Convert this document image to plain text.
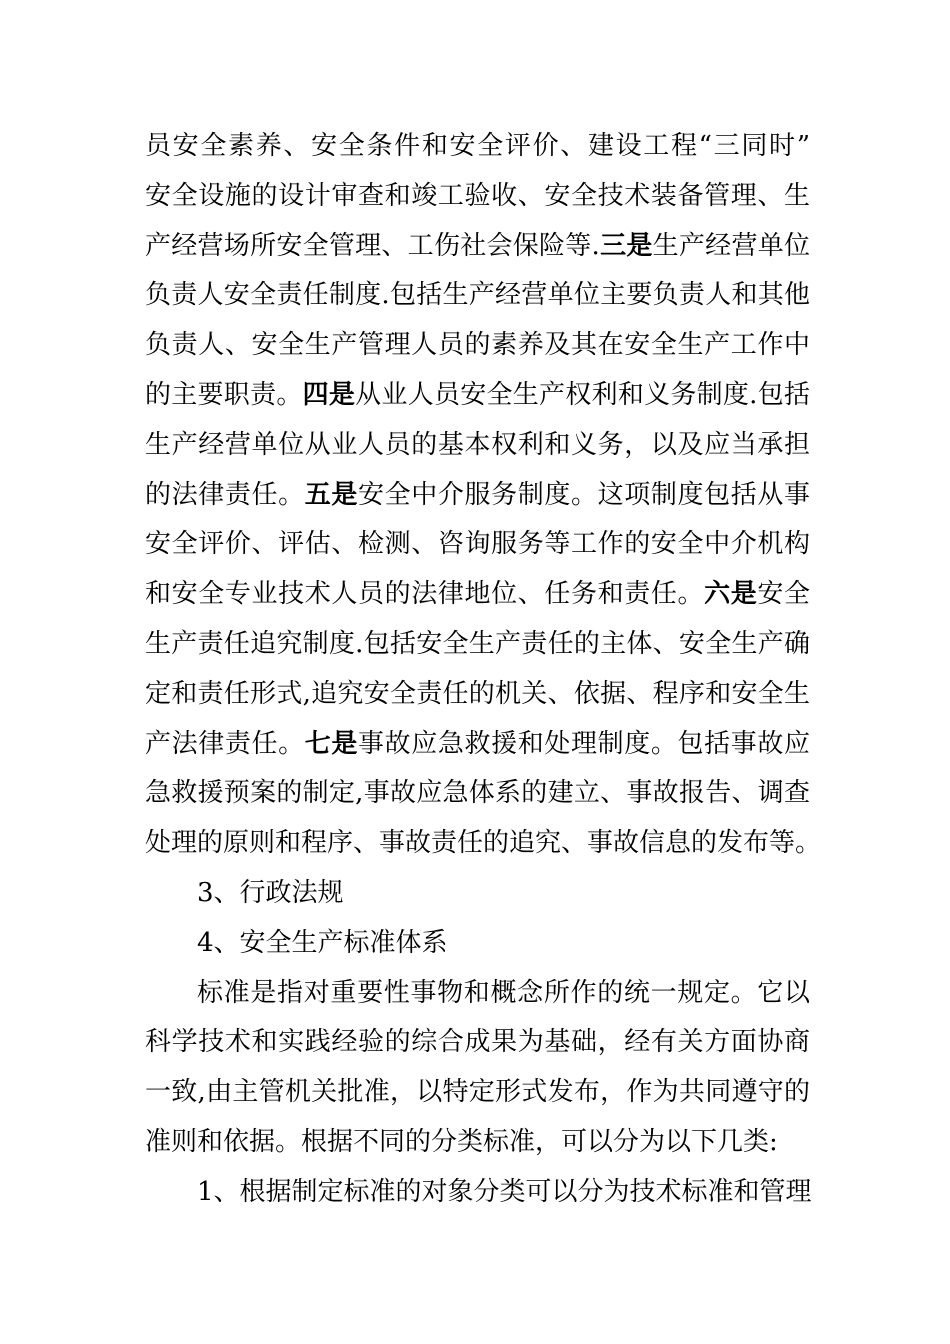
员安全素养、安全条件和安全评价、建设工程“三同时”
安全设施的设计审查和竣工验收、安全技术装备管理、生
产经营场所安全管理、工伤社会保险等.三是生产经营单位
负责人安全责任制度.包括生产经营单位主要负责人和其他
负责人、安全生产管理人员的素养及其在安全生产工作中
的主要职责。四是从业人员安全生产权利和义务制度.包括
生产经营单位从业人员的基本权利和义务，以及应当承担
的法律责任。五是安全中介服务制度。这项制度包括从事
安全评价、评估、检测、咨询服务等工作的安全中介机构
和安全专业技术人员的法律地位、任务和责任。六是安全
生产责任追究制度.包括安全生产责任的主体、安全生产确
定和责任形式,追究安全责任的机关、依据、程序和安全生
产法律责任。七是事故应急救援和处理制度。包括事故应
急救援预案的制定,事故应急体系的建立、事故报告、调查
处理的原则和程序、事故责任的追究、事故信息的发布等。
3、行政法规
4、安全生产标准体系
标准是指对重要性事物和概念所作的统一规定。它以
科学技术和实践经验的综合成果为基础，经有关方面协商
一致,由主管机关批准，以特定形式发布，作为共同遵守的
准则和依据。根据不同的分类标准，可以分为以下几类:
1、根据制定标准的对象分类可以分为技术标准和管理
